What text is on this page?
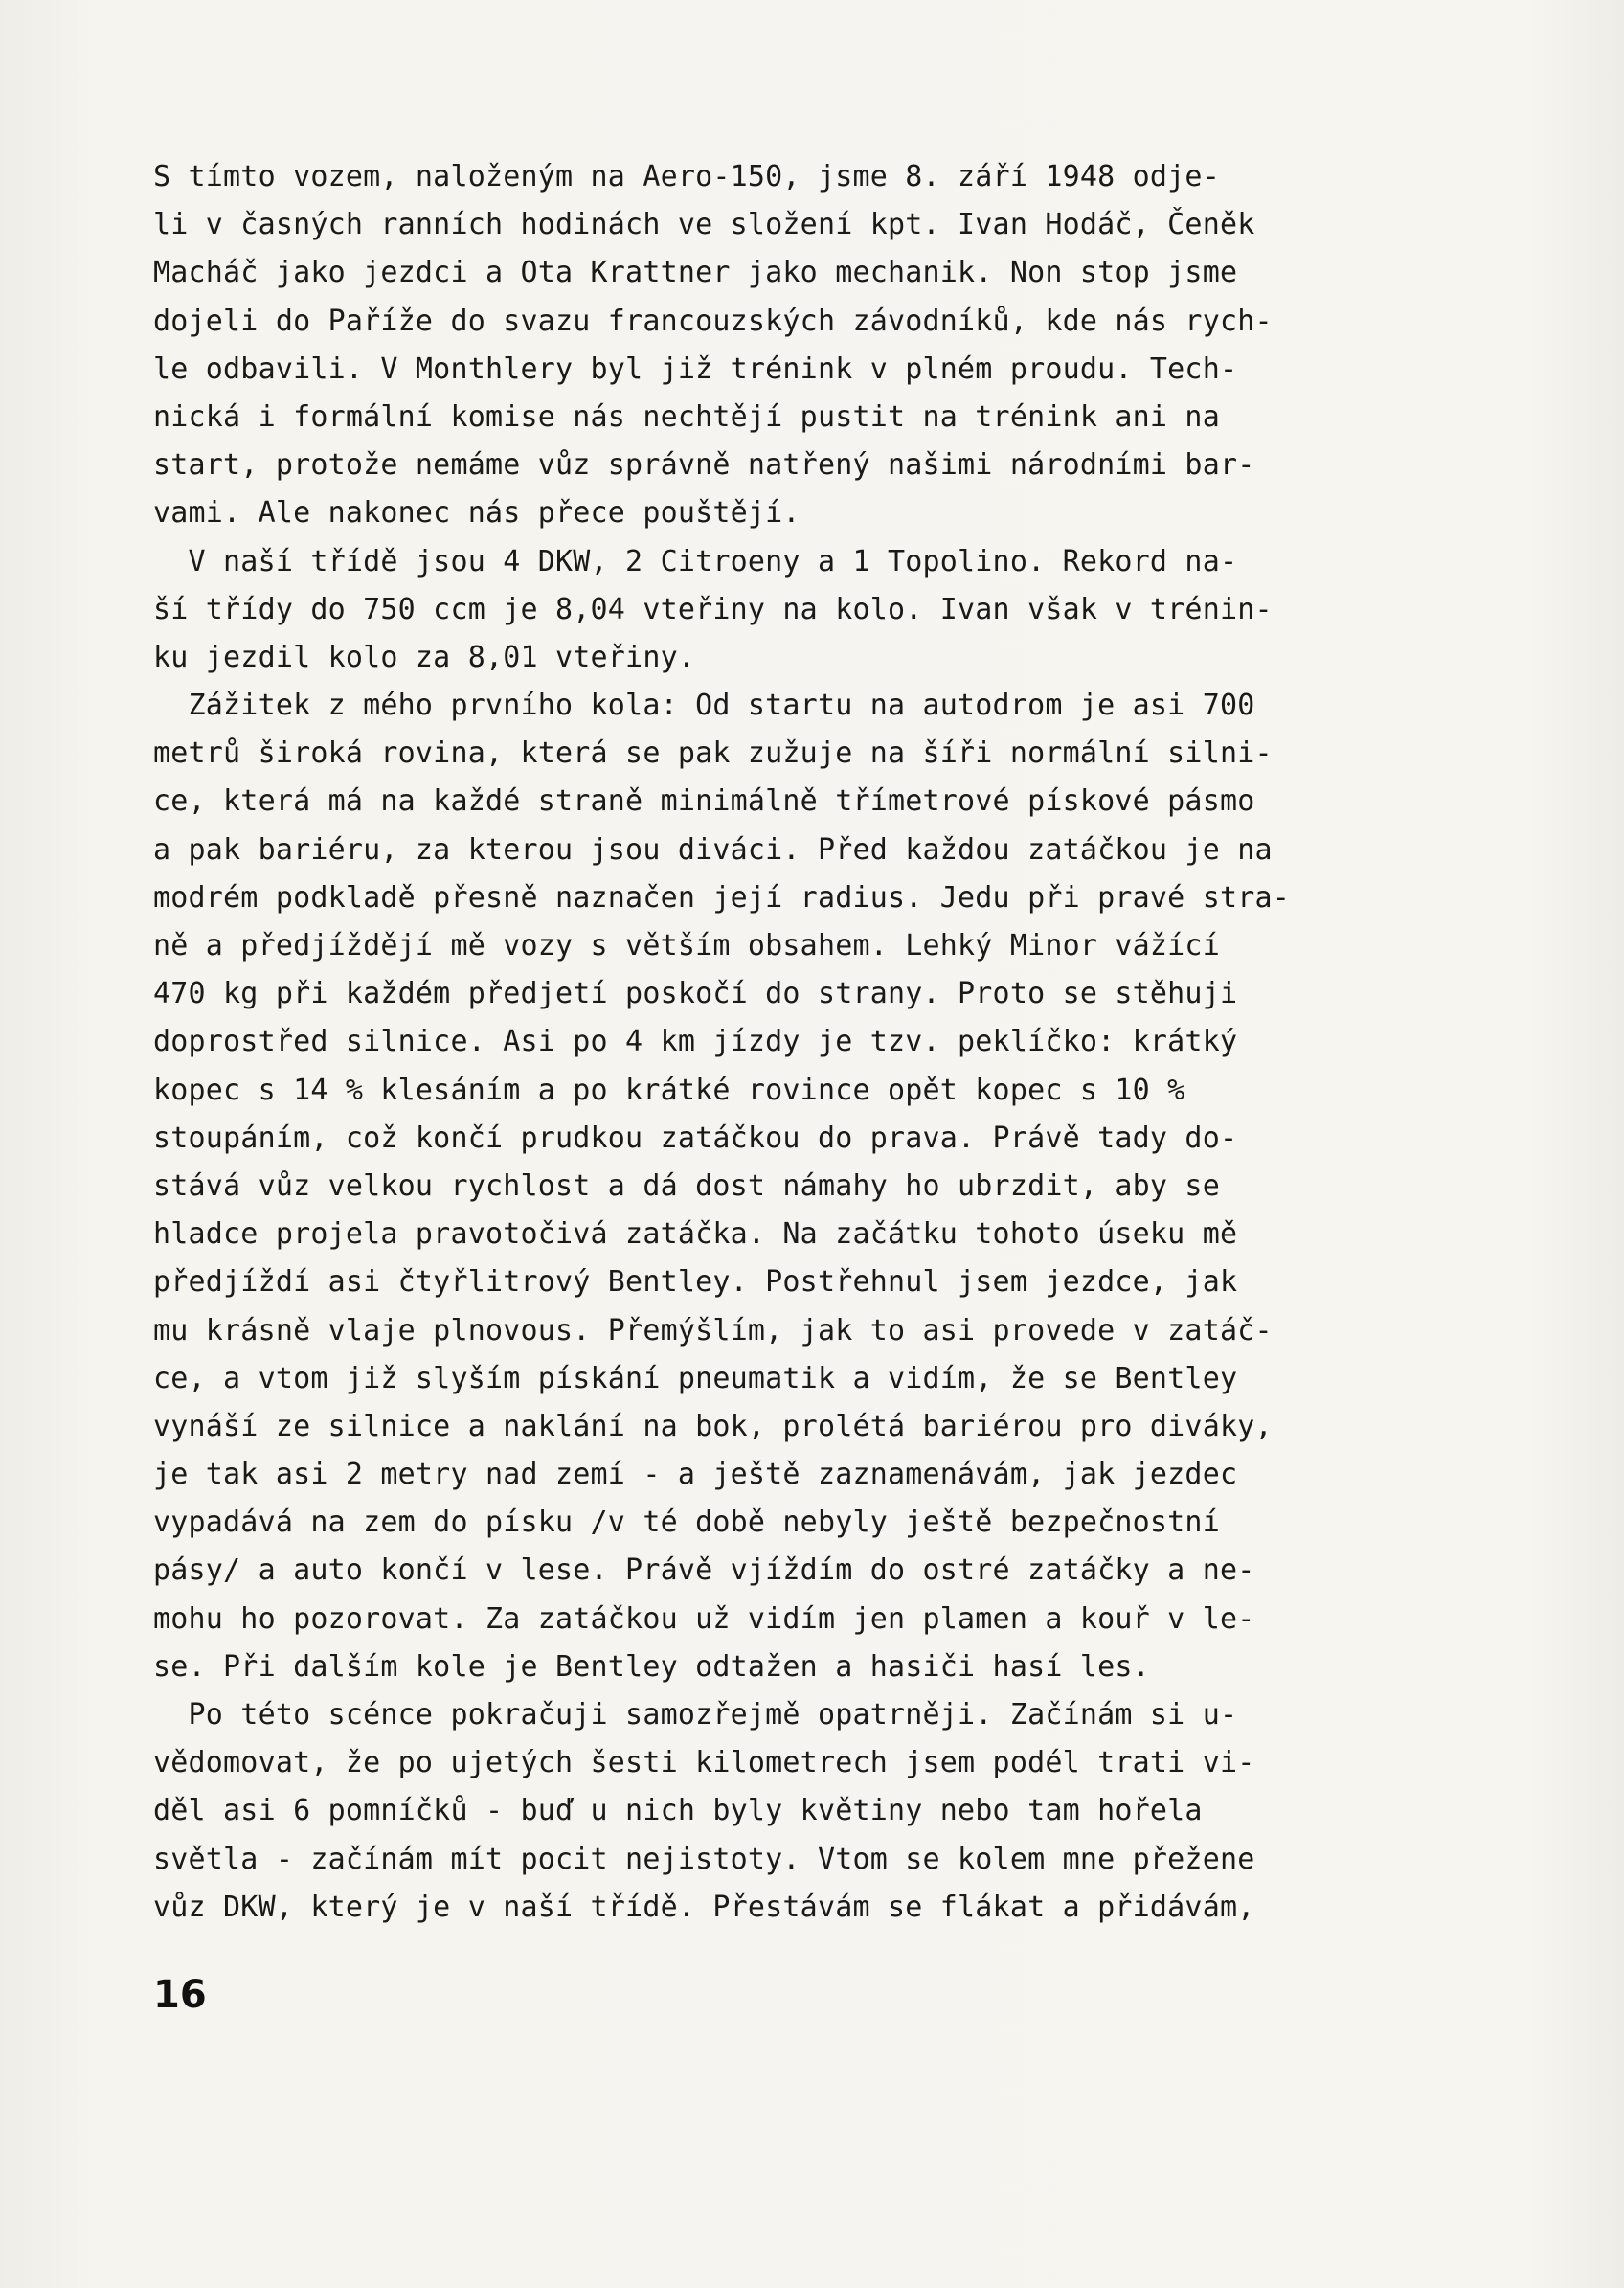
S tímto vozem, naloženým na Aero-150, jsme 8. září 1948 odje-
li v časných ranních hodinách ve složení kpt. Ivan Hodáč, Čeněk
Macháč jako jezdci a Ota Krattner jako mechanik. Non stop jsme
dojeli do Paříže do svazu francouzských závodníků, kde nás rych-
le odbavili. V Monthlery byl již trénink v plném proudu. Tech-
nická i formální komise nás nechtějí pustit na trénink ani na
start, protože nemáme vůz správně natřený našimi národními bar-
vami. Ale nakonec nás přece pouštějí.
V naší třídě jsou 4 DKW, 2 Citroeny a 1 Topolino. Rekord na-
ší třídy do 750 ccm je 8,04 vteřiny na kolo. Ivan však v trénin-
ku jezdil kolo za 8,01 vteřiny.
Zážitek z mého prvního kola: Od startu na autodrom je asi 700
metrů široká rovina, která se pak zužuje na šíři normální silni-
ce, která má na každé straně minimálně třímetrové pískové pásmo
a pak bariéru, za kterou jsou diváci. Před každou zatáčkou je na
modrém podkladě přesně naznačen její radius. Jedu při pravé stra-
ně a předjíždějí mě vozy s větším obsahem. Lehký Minor vážící
470 kg při každém předjetí poskočí do strany. Proto se stěhuji
doprostřed silnice. Asi po 4 km jízdy je tzv. peklíčko: krátký
kopec s 14 % klesáním a po krátké rovince opět kopec s 10 %
stoupáním, což končí prudkou zatáčkou do prava. Právě tady do-
stává vůz velkou rychlost a dá dost námahy ho ubrzdit, aby se
hladce projela pravotočivá zatáčka. Na začátku tohoto úseku mě
předjíždí asi čtyřlitrový Bentley. Postřehnul jsem jezdce, jak
mu krásně vlaje plnovous. Přemýšlím, jak to asi provede v zatáč-
ce, a vtom již slyším pískání pneumatik a vidím, že se Bentley
vynáší ze silnice a naklání na bok, prolétá bariérou pro diváky,
je tak asi 2 metry nad zemí - a ještě zaznamenávám, jak jezdec
vypadává na zem do písku /v té době nebyly ještě bezpečnostní
pásy/ a auto končí v lese. Právě vjíždím do ostré zatáčky a ne-
mohu ho pozorovat. Za zatáčkou už vidím jen plamen a kouř v le-
se. Při dalším kole je Bentley odtažen a hasiči hasí les.
Po této scénce pokračuji samozřejmě opatrněji. Začínám si u-
vědomovat, že po ujetých šesti kilometrech jsem podél trati vi-
děl asi 6 pomníčků - buď u nich byly květiny nebo tam hořela
světla - začínám mít pocit nejistoty. Vtom se kolem mne přežene
vůz DKW, který je v naší třídě. Přestávám se flákat a přidávám,
16
